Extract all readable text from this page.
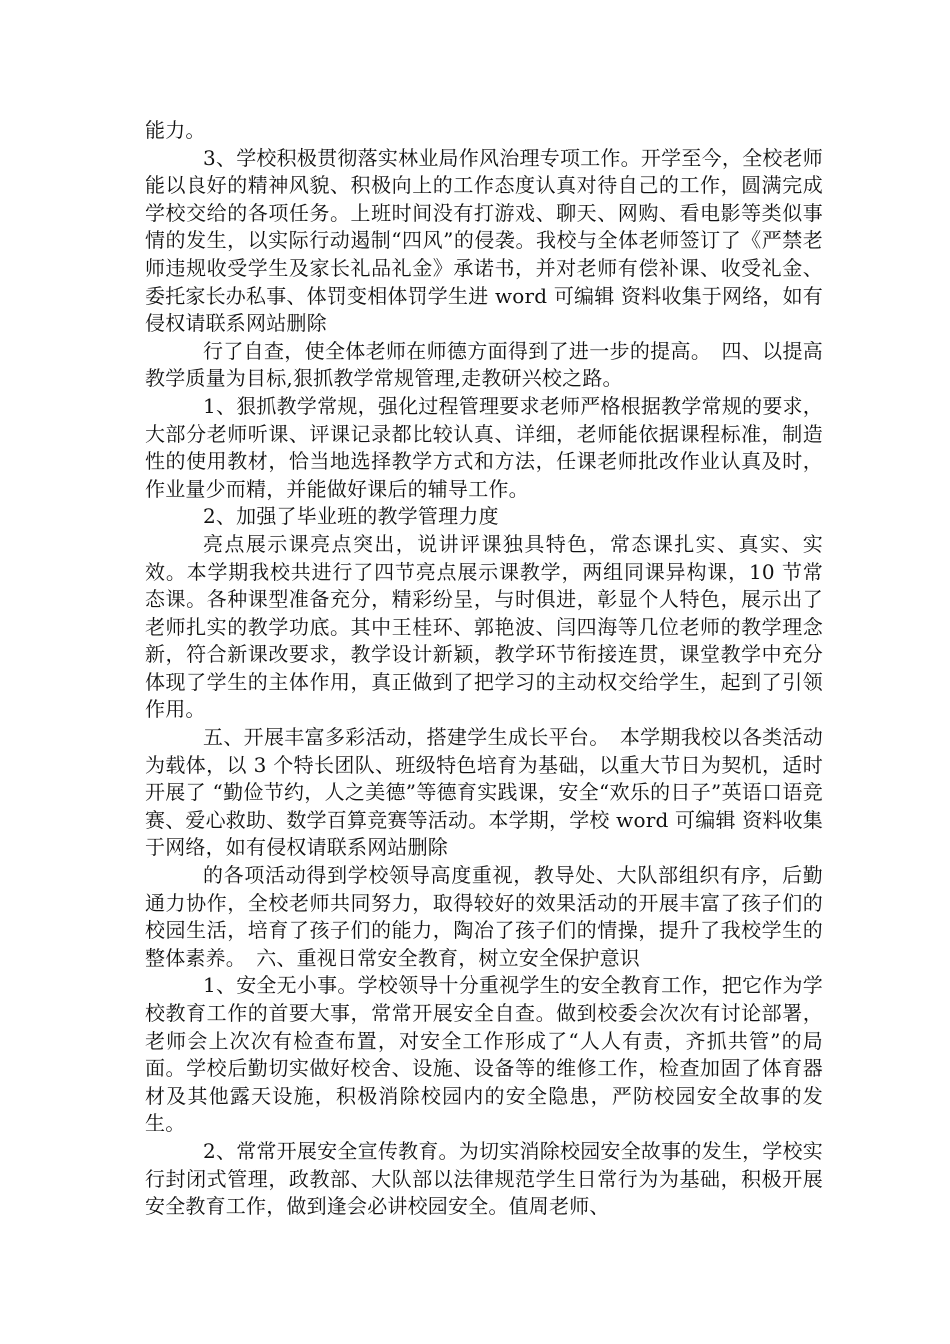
能力。

3、学校积极贯彻落实林业局作风治理专项工作。开学至今，全校老师能以良好的精神风貌、积极向上的工作态度认真对待自己的工作，圆满完成学校交给的各项任务。上班时间没有打游戏、聊天、网购、看电影等类似事情的发生，以实际行动遏制“四风”的侵袭。我校与全体老师签订了《严禁老师违规收受学生及家长礼品礼金》承诺书，并对老师有偿补课、收受礼金、委托家长办私事、体罚变相体罚学生进 word 可编辑 资料收集于网络，如有侵权请联系网站删除

行了自查，使全体老师在师德方面得到了进一步的提高。　四、以提高教学质量为目标,狠抓教学常规管理,走教研兴校之路。

1、狠抓教学常规，强化过程管理要求老师严格根据教学常规的要求，大部分老师听课、评课记录都比较认真、详细，老师能依据课程标准，制造性的使用教材，恰当地选择教学方式和方法，任课老师批改作业认真及时，作业量少而精，并能做好课后的辅导工作。

2、加强了毕业班的教学管理力度

亮点展示课亮点突出，说讲评课独具特色，常态课扎实、真实、实效。本学期我校共进行了四节亮点展示课教学，两组同课异构课，10 节常态课。各种课型准备充分，精彩纷呈，与时俱进，彰显个人特色，展示出了老师扎实的教学功底。其中王桂环、郭艳波、闫四海等几位老师的教学理念新，符合新课改要求，教学设计新颖，教学环节衔接连贯，课堂教学中充分体现了学生的主体作用，真正做到了把学习的主动权交给学生，起到了引领作用。

五、开展丰富多彩活动，搭建学生成长平台。　本学期我校以各类活动为载体，以 3 个特长团队、班级特色培育为基础，以重大节日为契机，适时开展了 “勤俭节约，人之美德”等德育实践课，安全“欢乐的日子”英语口语竞赛、爱心救助、数学百算竞赛等活动。本学期，学校 word 可编辑 资料收集于网络，如有侵权请联系网站删除

的各项活动得到学校领导高度重视，教导处、大队部组织有序，后勤通力协作，全校老师共同努力，取得较好的效果活动的开展丰富了孩子们的校园生活，培育了孩子们的能力，陶冶了孩子们的情操，提升了我校学生的整体素养。　六、重视日常安全教育，树立安全保护意识

1、安全无小事。学校领导十分重视学生的安全教育工作，把它作为学校教育工作的首要大事，常常开展安全自查。做到校委会次次有讨论部署，老师会上次次有检查布置，对安全工作形成了“人人有责，齐抓共管”的局面。学校后勤切实做好校舍、设施、设备等的维修工作，检查加固了体育器材及其他露天设施，积极消除校园内的安全隐患，严防校园安全故事的发生。

2、常常开展安全宣传教育。为切实消除校园安全故事的发生，学校实行封闭式管理，政教部、大队部以法律规范学生日常行为为基础，积极开展安全教育工作，做到逢会必讲校园安全。值周老师、
